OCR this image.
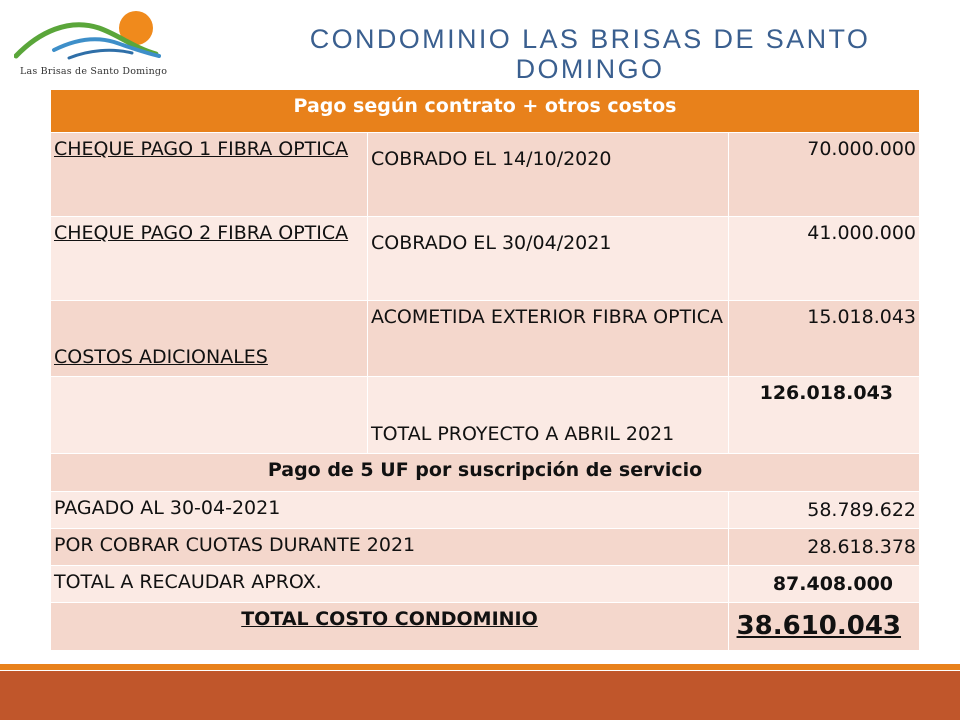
Las Brisas de Santo Domingo
CONDOMINIO LAS BRISAS DE SANTO DOMINGO
Pago según contrato + otros costos		
CHEQUE PAGO 1 FIBRA OPTICA	COBRADO EL 14/10/2020	70.000.000
CHEQUE PAGO 2 FIBRA OPTICA	COBRADO EL 30/04/2021	41.000.000
COSTOS ADICIONALES	ACOMETIDA EXTERIOR FIBRA OPTICA	15.018.043
	TOTAL PROYECTO A ABRIL 2021	126.018.043
Pago de 5 UF por suscripción de servicio		
PAGADO AL 30-04-2021		58.789.622
POR COBRAR CUOTAS DURANTE 2021		28.618.378
TOTAL A RECAUDAR APROX.		87.408.000
TOTAL COSTO CONDOMINIO		38.610.043
